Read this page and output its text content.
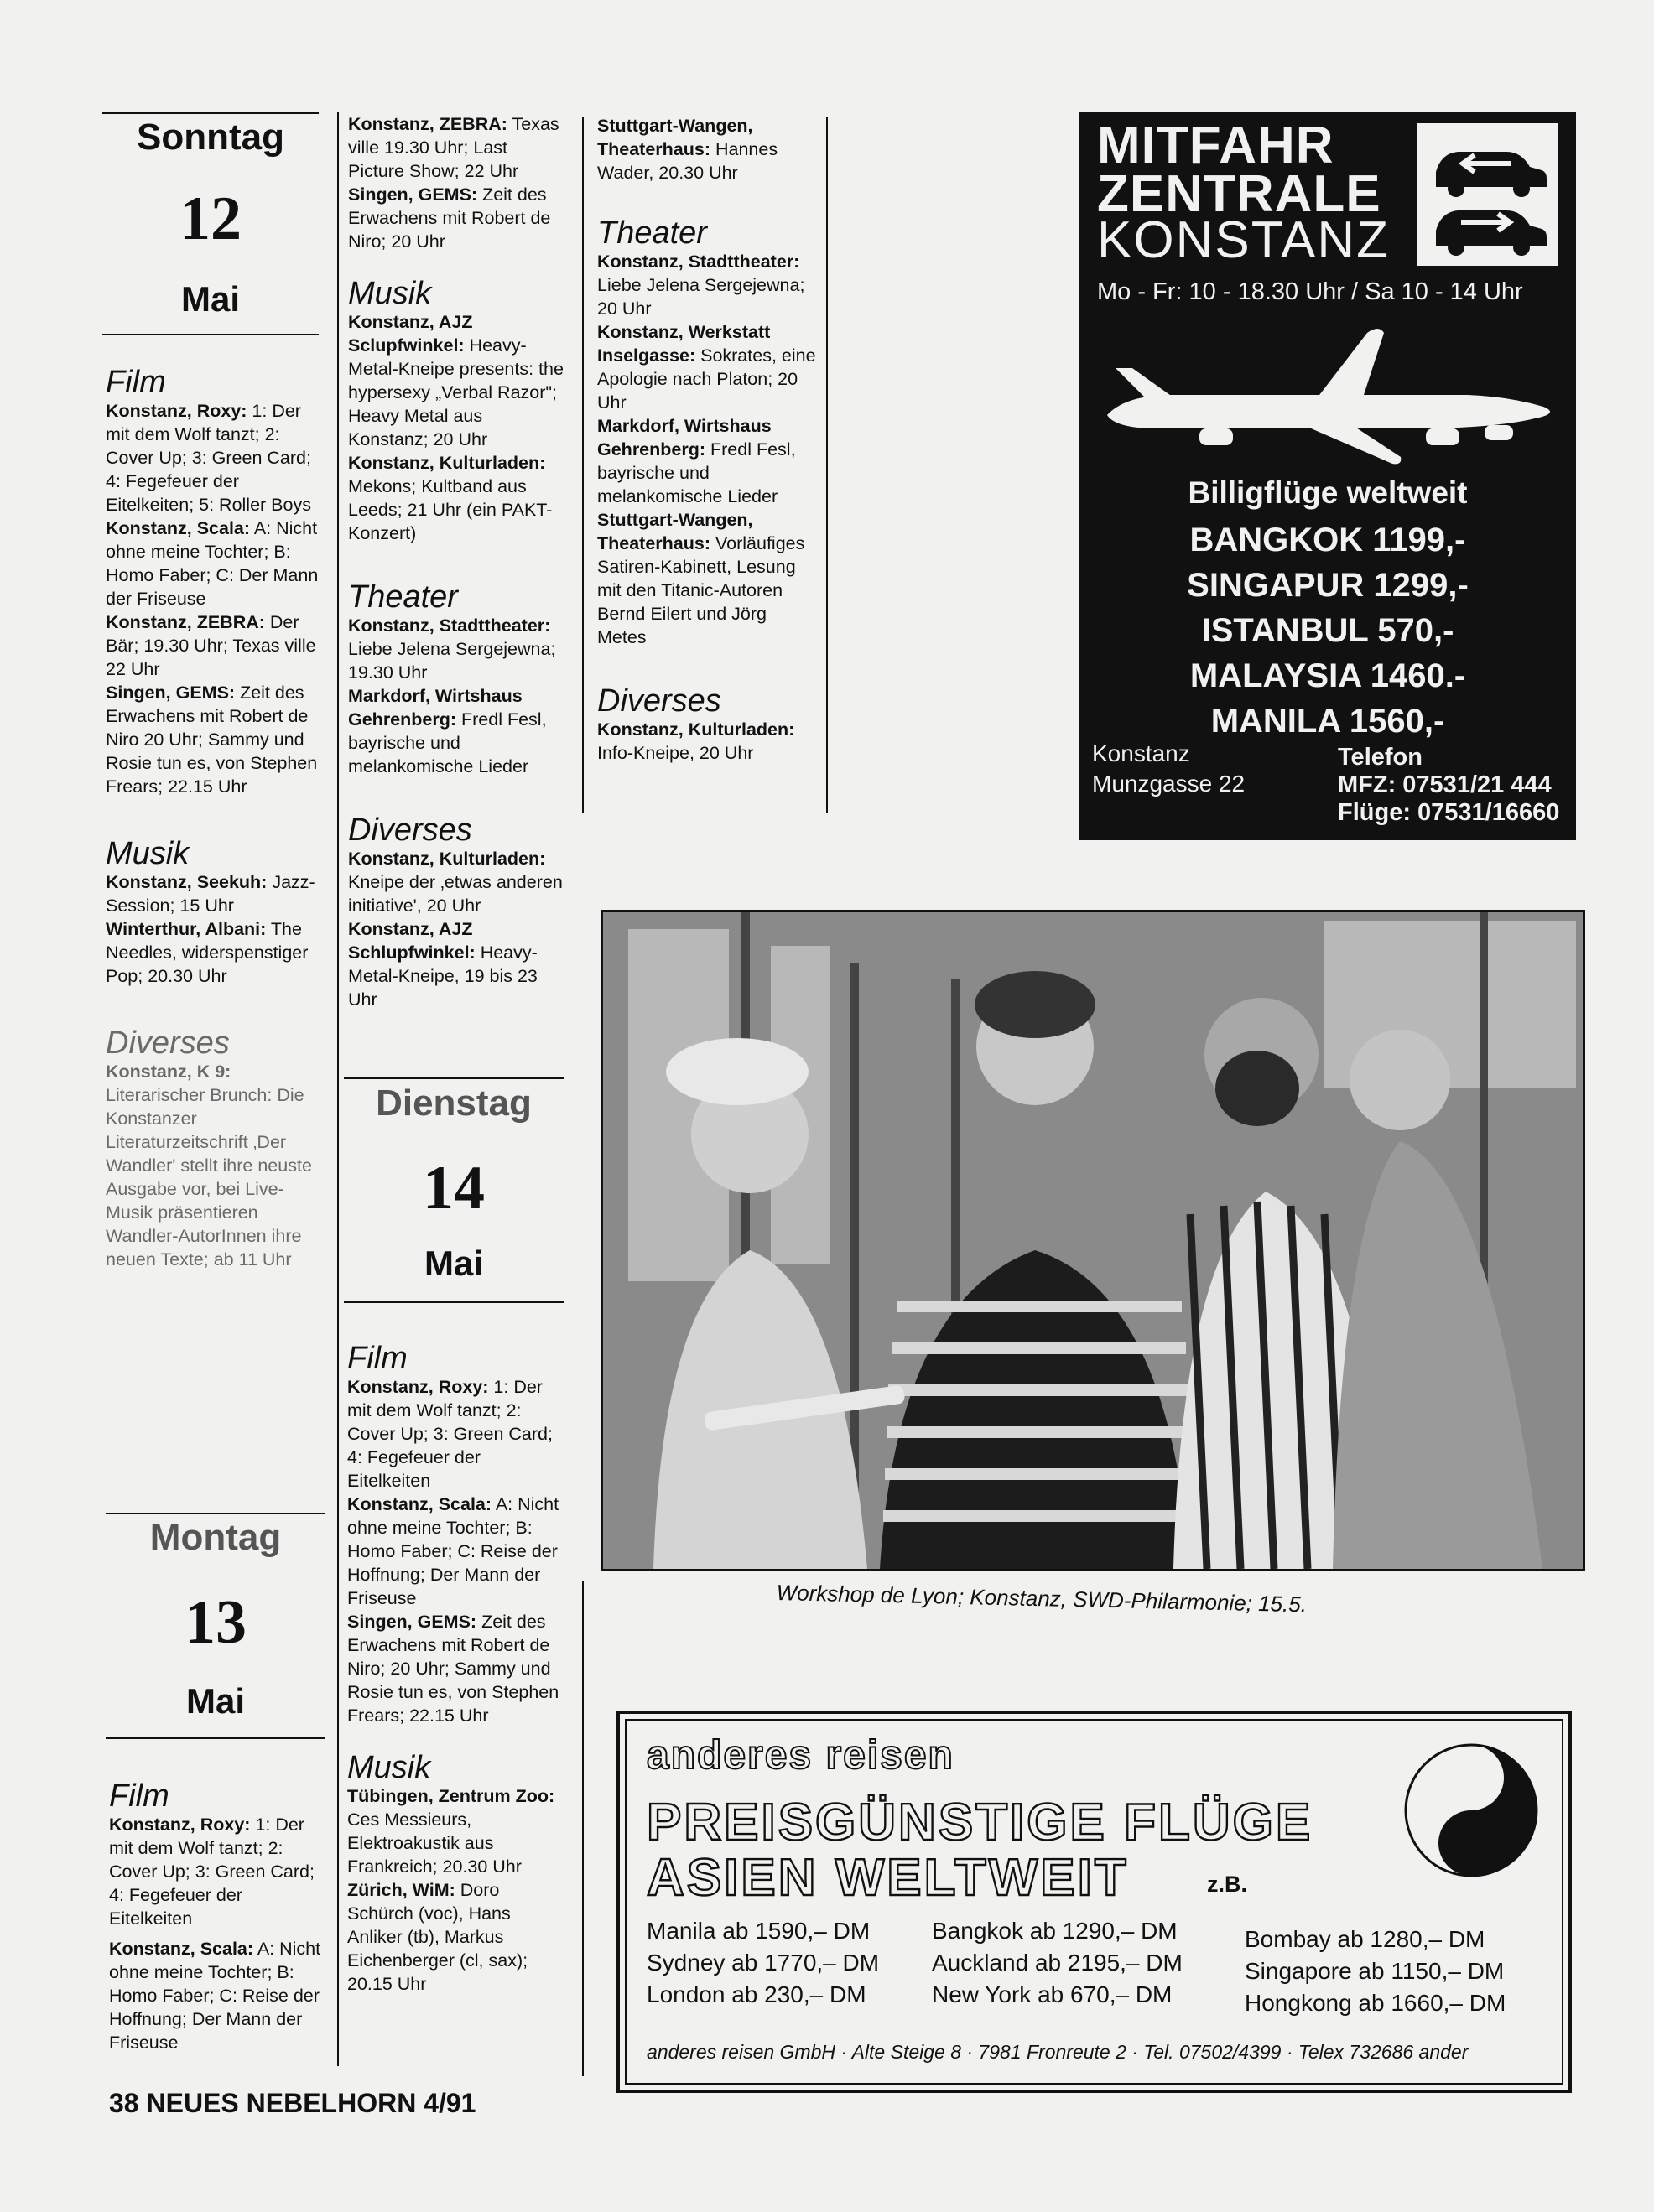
Sonntag
12
Mai
Film
Konstanz, Roxy: 1: Der mit dem Wolf tanzt; 2: Cover Up; 3: Green Card; 4: Fegefeuer der Eitelkeiten; 5: Roller Boys
Konstanz, Scala: A: Nicht ohne meine Tochter; B: Homo Faber; C: Der Mann der Friseuse
Konstanz, ZEBRA: Der Bär; 19.30 Uhr; Texas ville 22 Uhr
Singen, GEMS: Zeit des Erwachens mit Robert de Niro 20 Uhr; Sammy und Rosie tun es, von Stephen Frears; 22.15 Uhr
Musik
Konstanz, Seekuh: Jazz-Session; 15 Uhr
Winterthur, Albani: The Needles, widerspenstiger Pop; 20.30 Uhr
Diverses
Konstanz, K 9: Literarischer Brunch: Die Konstanzer Literaturzeitschrift ‚Der Wandler' stellt ihre neuste Ausgabe vor, bei Live-Musik präsentieren Wandler-AutorInnen ihre neuen Texte; ab 11 Uhr
Montag
13
Mai
Film
Konstanz, Roxy: 1: Der mit dem Wolf tanzt; 2: Cover Up; 3: Green Card; 4: Fegefeuer der Eitelkeiten
Konstanz, Scala: A: Nicht ohne meine Tochter; B: Homo Faber; C: Reise der Hoffnung; Der Mann der Friseuse
Konstanz, ZEBRA: Texas ville 19.30 Uhr; Last Picture Show; 22 Uhr
Singen, GEMS: Zeit des Erwachens mit Robert de Niro; 20 Uhr
Musik
Konstanz, AJZ Sclupfwinkel: Heavy-Metal-Kneipe presents: the hypersexy „Verbal Razor"; Heavy Metal aus Konstanz; 20 Uhr
Konstanz, Kulturladen: Mekons; Kultband aus Leeds; 21 Uhr (ein PAKT-Konzert)
Theater
Konstanz, Stadttheater: Liebe Jelena Sergejewna; 19.30 Uhr
Markdorf, Wirtshaus Gehrenberg: Fredl Fesl, bayrische und melankomische Lieder
Diverses
Konstanz, Kulturladen: Kneipe der ‚etwas anderen initiative', 20 Uhr
Konstanz, AJZ Schlupfwinkel: Heavy-Metal-Kneipe, 19 bis 23 Uhr
Dienstag
14
Mai
Film
Konstanz, Roxy: 1: Der mit dem Wolf tanzt; 2: Cover Up; 3: Green Card; 4: Fegefeuer der Eitelkeiten
Konstanz, Scala: A: Nicht ohne meine Tochter; B: Homo Faber; C: Reise der Hoffnung; Der Mann der Friseuse
Singen, GEMS: Zeit des Erwachens mit Robert de Niro; 20 Uhr; Sammy und Rosie tun es, von Stephen Frears; 22.15 Uhr
Musik
Tübingen, Zentrum Zoo: Ces Messieurs, Elektroakustik aus Frankreich; 20.30 Uhr
Zürich, WiM: Doro Schürch (voc), Hans Anliker (tb), Markus Eichenberger (cl, sax); 20.15 Uhr
Stuttgart-Wangen, Theaterhaus: Hannes Wader, 20.30 Uhr
Theater
Konstanz, Stadttheater: Liebe Jelena Sergejewna; 20 Uhr
Konstanz, Werkstatt Inselgasse: Sokrates, eine Apologie nach Platon; 20 Uhr
Markdorf, Wirtshaus Gehrenberg: Fredl Fesl, bayrische und melankomische Lieder
Stuttgart-Wangen, Theaterhaus: Vorläufiges Satiren-Kabinett, Lesung mit den Titanic-Autoren Bernd Eilert und Jörg Metes
Diverses
Konstanz, Kulturladen: Info-Kneipe, 20 Uhr
MITFAHR
ZENTRALE
KONSTANZ
Mo - Fr: 10 - 18.30 Uhr / Sa 10 - 14 Uhr
Billigflüge weltweit
BANGKOK 1199,-
SINGAPUR 1299,-
ISTANBUL 570,-
MALAYSIA 1460.-
MANILA 1560,-
Konstanz
Munzgasse 22
Telefon
MFZ: 07531/21 444
Flüge: 07531/16660
Workshop de Lyon; Konstanz, SWD-Philarmonie; 15.5.
anderes reisen
PREISGÜNSTIGE FLÜGE
ASIEN WELTWEIT	z.B.
Manila ab 1590,– DM
Sydney ab 1770,– DM
London ab 230,– DM
Bangkok ab 1290,– DM
Auckland ab 2195,– DM
New York ab 670,– DM
Bombay ab 1280,– DM
Singapore ab 1150,– DM
Hongkong ab 1660,– DM
anderes reisen GmbH · Alte Steige 8 · 7981 Fronreute 2 · Tel. 07502/4399 · Telex 732686 ander
38 NEUES NEBELHORN 4/91
